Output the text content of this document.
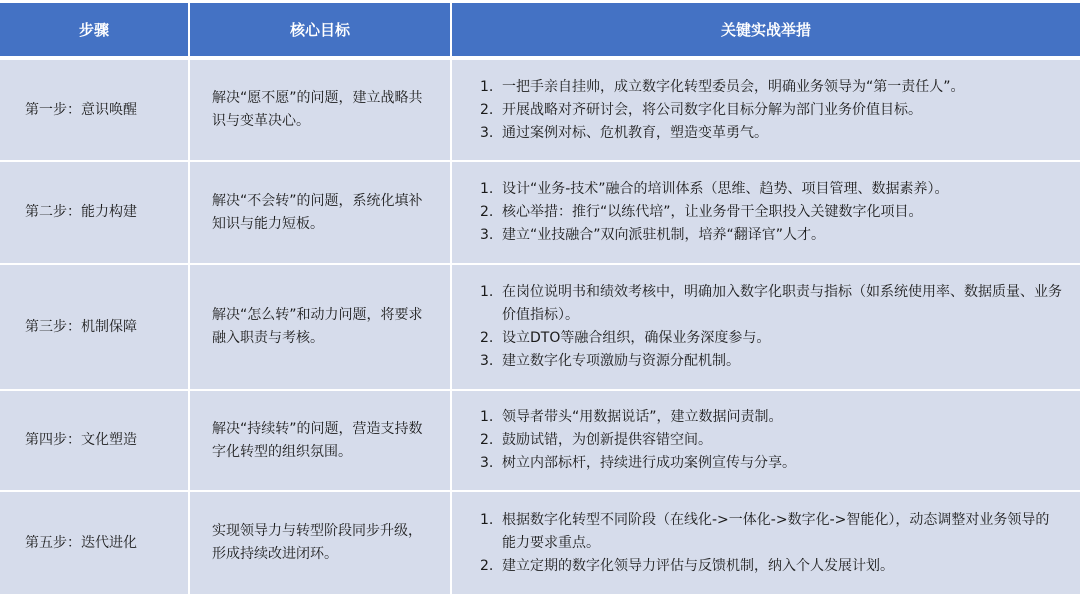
步骤	核心目标	关键实战举措
第一步：意识唤醒
解决“愿不愿”的问题，建立战略共识与变革决心。
1. 一把手亲自挂帅，成立数字化转型委员会，明确业务领导为“第一责任人”。
2. 开展战略对齐研讨会，将公司数字化目标分解为部门业务价值目标。
3. 通过案例对标、危机教育，塑造变革勇气。
第二步：能力构建
解决“不会转”的问题，系统化填补知识与能力短板。
1. 设计“业务-技术”融合的培训体系（思维、趋势、项目管理、数据素养）。
2. 核心举措：推行“以练代培”，让业务骨干全职投入关键数字化项目。
3. 建立“业技融合”双向派驻机制，培养“翻译官”人才。
第三步：机制保障
解决“怎么转”和动力问题，将要求融入职责与考核。
1. 在岗位说明书和绩效考核中，明确加入数字化职责与指标（如系统使用率、数据质量、业务价值指标）。
2. 设立DTO等融合组织，确保业务深度参与。
3. 建立数字化专项激励与资源分配机制。
第四步：文化塑造
解决“持续转”的问题，营造支持数字化转型的组织氛围。
1. 领导者带头“用数据说话”，建立数据问责制。
2. 鼓励试错，为创新提供容错空间。
3. 树立内部标杆，持续进行成功案例宣传与分享。
第五步：迭代进化
实现领导力与转型阶段同步升级，形成持续改进闭环。
1. 根据数字化转型不同阶段（在线化->一体化->数字化->智能化），动态调整对业务领导的能力要求重点。
2. 建立定期的数字化领导力评估与反馈机制，纳入个人发展计划。
